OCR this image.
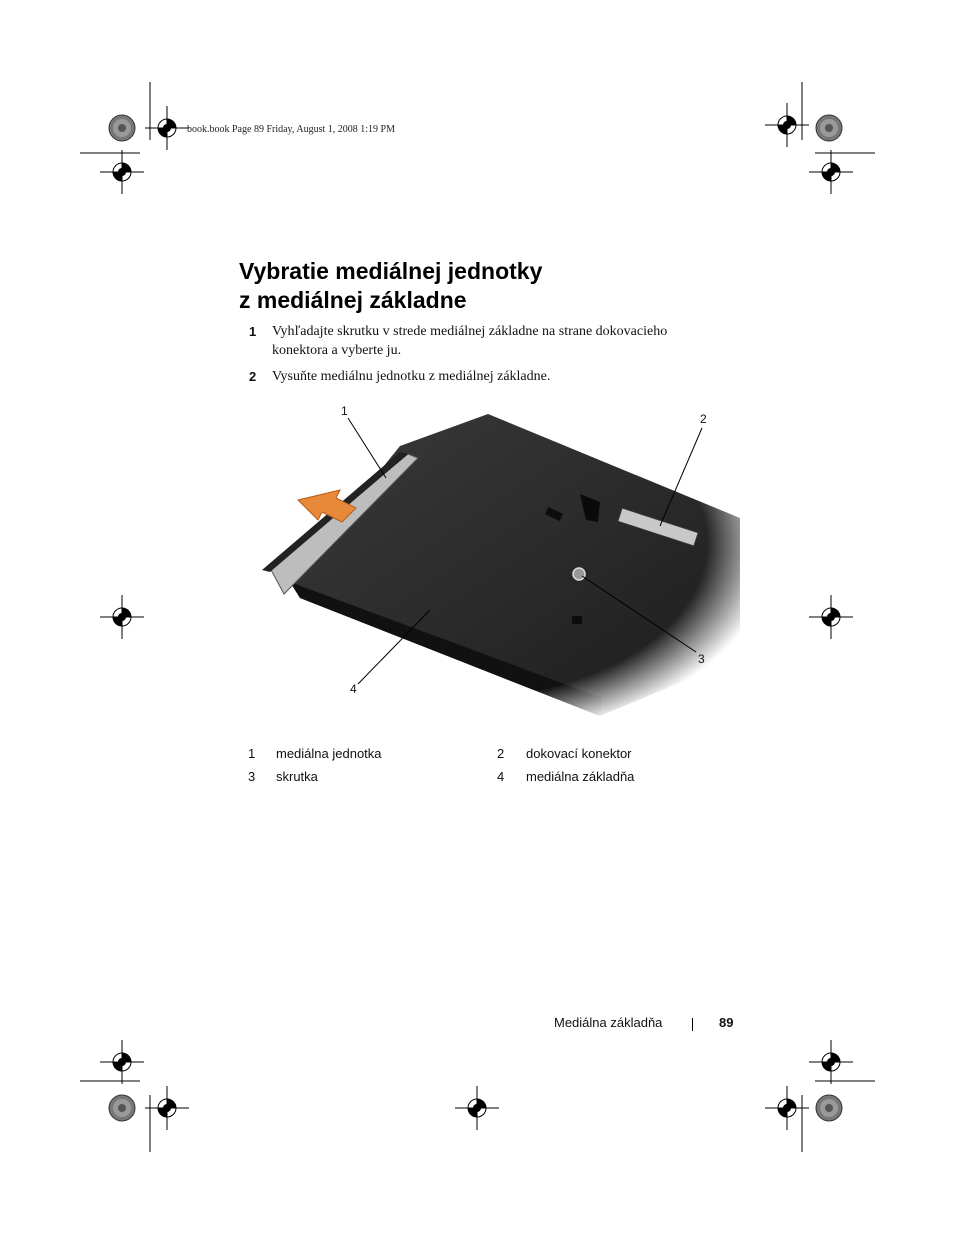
book.book Page 89 Friday, August 1, 2008 1:19 PM
Vybratie mediálnej jednotky
z mediálnej základne
1 Vyhľadajte skrutku v strede mediálnej základne na strane dokovacieho konektora a vyberte ju.
2 Vysuňte mediálnu jednotku z mediálnej základne.
1
2
3
4
1 mediálna jednotka	2 dokovací konektor
3 skrutka	4 mediálna základňa
Mediálna základňa	89
